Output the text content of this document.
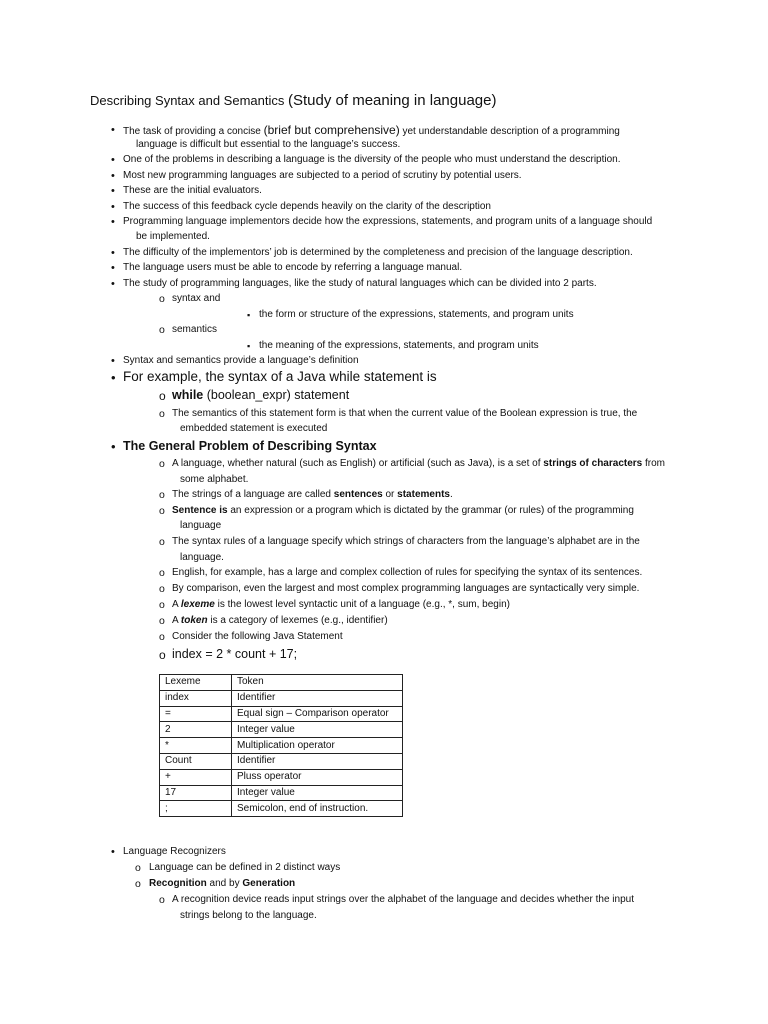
Describing Syntax and Semantics (Study of meaning in language)
• The task of providing a concise (brief but comprehensive) yet understandable description of a programming
language is difficult but essential to the language’s success.
• One of the problems in describing a language is the diversity of the people who must understand the description.
• Most new programming languages are subjected to a period of scrutiny by potential users.
• These are the initial evaluators.
• The success of this feedback cycle depends heavily on the clarity of the description
• Programming language implementors decide how the expressions, statements, and program units of a language should
be implemented.
• The difficulty of the implementors’ job is determined by the completeness and precision of the language description.
• The language users must be able to encode by referring a language manual.
• The study of programming languages, like the study of natural languages which can be divided into 2 parts.
o syntax and
▪ the form or structure of the expressions, statements, and program units
o semantics
▪ the meaning of the expressions, statements, and program units
• Syntax and semantics provide a language’s definition
• For example, the syntax of a Java while statement is
o while (boolean_expr) statement
o The semantics of this statement form is that when the current value of the Boolean expression is true, the
embedded statement is executed
• The General Problem of Describing Syntax
o A language, whether natural (such as English) or artificial (such as Java), is a set of strings of characters from
some alphabet.
o The strings of a language are called sentences or statements.
o Sentence is an expression or a program which is dictated by the grammar (or rules) of the programming
language
o The syntax rules of a language specify which strings of characters from the language’s alphabet are in the
language.
o English, for example, has a large and complex collection of rules for specifying the syntax of its sentences.
o By comparison, even the largest and most complex programming languages are syntactically very simple.
o A lexeme is the lowest level syntactic unit of a language (e.g., *, sum, begin)
o A token is a category of lexemes (e.g., identifier)
o Consider the following Java Statement
o index = 2 * count + 17;
Lexeme	Token
index	Identifier
=	Equal sign – Comparison operator
2	Integer value
*	Multiplication operator
Count	Identifier
+	Pluss operator
17	Integer value
;	Semicolon, end of instruction.
• Language Recognizers
o Language can be defined in 2 distinct ways
o Recognition and by Generation
o A recognition device reads input strings over the alphabet of the language and decides whether the input
strings belong to the language.
